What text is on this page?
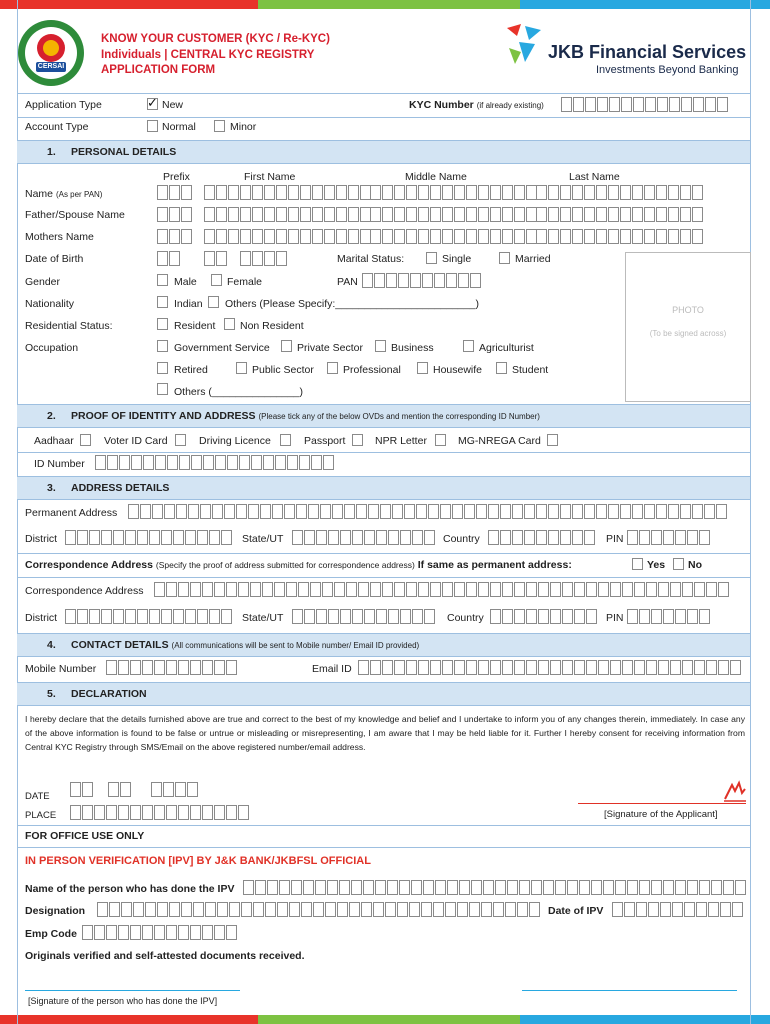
CERSAI
KNOW YOUR CUSTOMER (KYC / Re-KYC)
Individuals | CENTRAL KYC REGISTRY
APPLICATION FORM
JKB Financial Services
Investments Beyond Banking
Application Type	✓ New	KYC Number (if already existing)
Account Type	Normal	Minor
1. PERSONAL DETAILS
Prefix	First Name	Middle Name	Last Name
Name (As per PAN)
Father/Spouse Name
Mothers Name
Date of Birth	Marital Status:	Single	Married
Gender	Male	Female	PAN
Nationality	Indian Others (Please Specify:________________________)	PHOTO
(To be signed across)
Residential Status:	Resident Non Resident
Occupation	Government Service	Private Sector	Business	Agriculturist
Retired	Public Sector	Professional	Housewife	Student
Others (_______________)
2. PROOF OF IDENTITY AND ADDRESS (Please tick any of the below OVDs and mention the corresponding ID Number)
Aadhaar	Voter ID Card	Driving Licence	Passport	NPR Letter	MG-NREGA Card
ID Number
3. ADDRESS DETAILS
Permanent Address
District	State/UT	Country	PIN
Correspondence Address (Specify the proof of address submitted for correspondence address) If same as permanent address:	Yes No
Correspondence Address
District	State/UT	Country	PIN
4. CONTACT DETAILS (All communications will be sent to Mobile number/ Email ID provided)
Mobile Number	Email ID
5. DECLARATION
I hereby declare that the details furnished above are true and correct to the best of my knowledge and belief and I undertake to inform you of any changes therein, immediately. In case any of the above information is found to be false or untrue or misleading or misrepresenting, I am aware that I may be held liable for it. Further I hereby consent for receiving information from Central KYC Registry through SMS/Email on the above registered number/email address.
DATE
PLACE	[Signature of the Applicant]
FOR OFFICE USE ONLY
IN PERSON VERIFICATION [IPV] BY J&K BANK/JKBFSL OFFICIAL
Name of the person who has done the IPV
Designation	Date of IPV
Emp Code
Originals verified and self-attested documents received.
[Signature of the person who has done the IPV]
